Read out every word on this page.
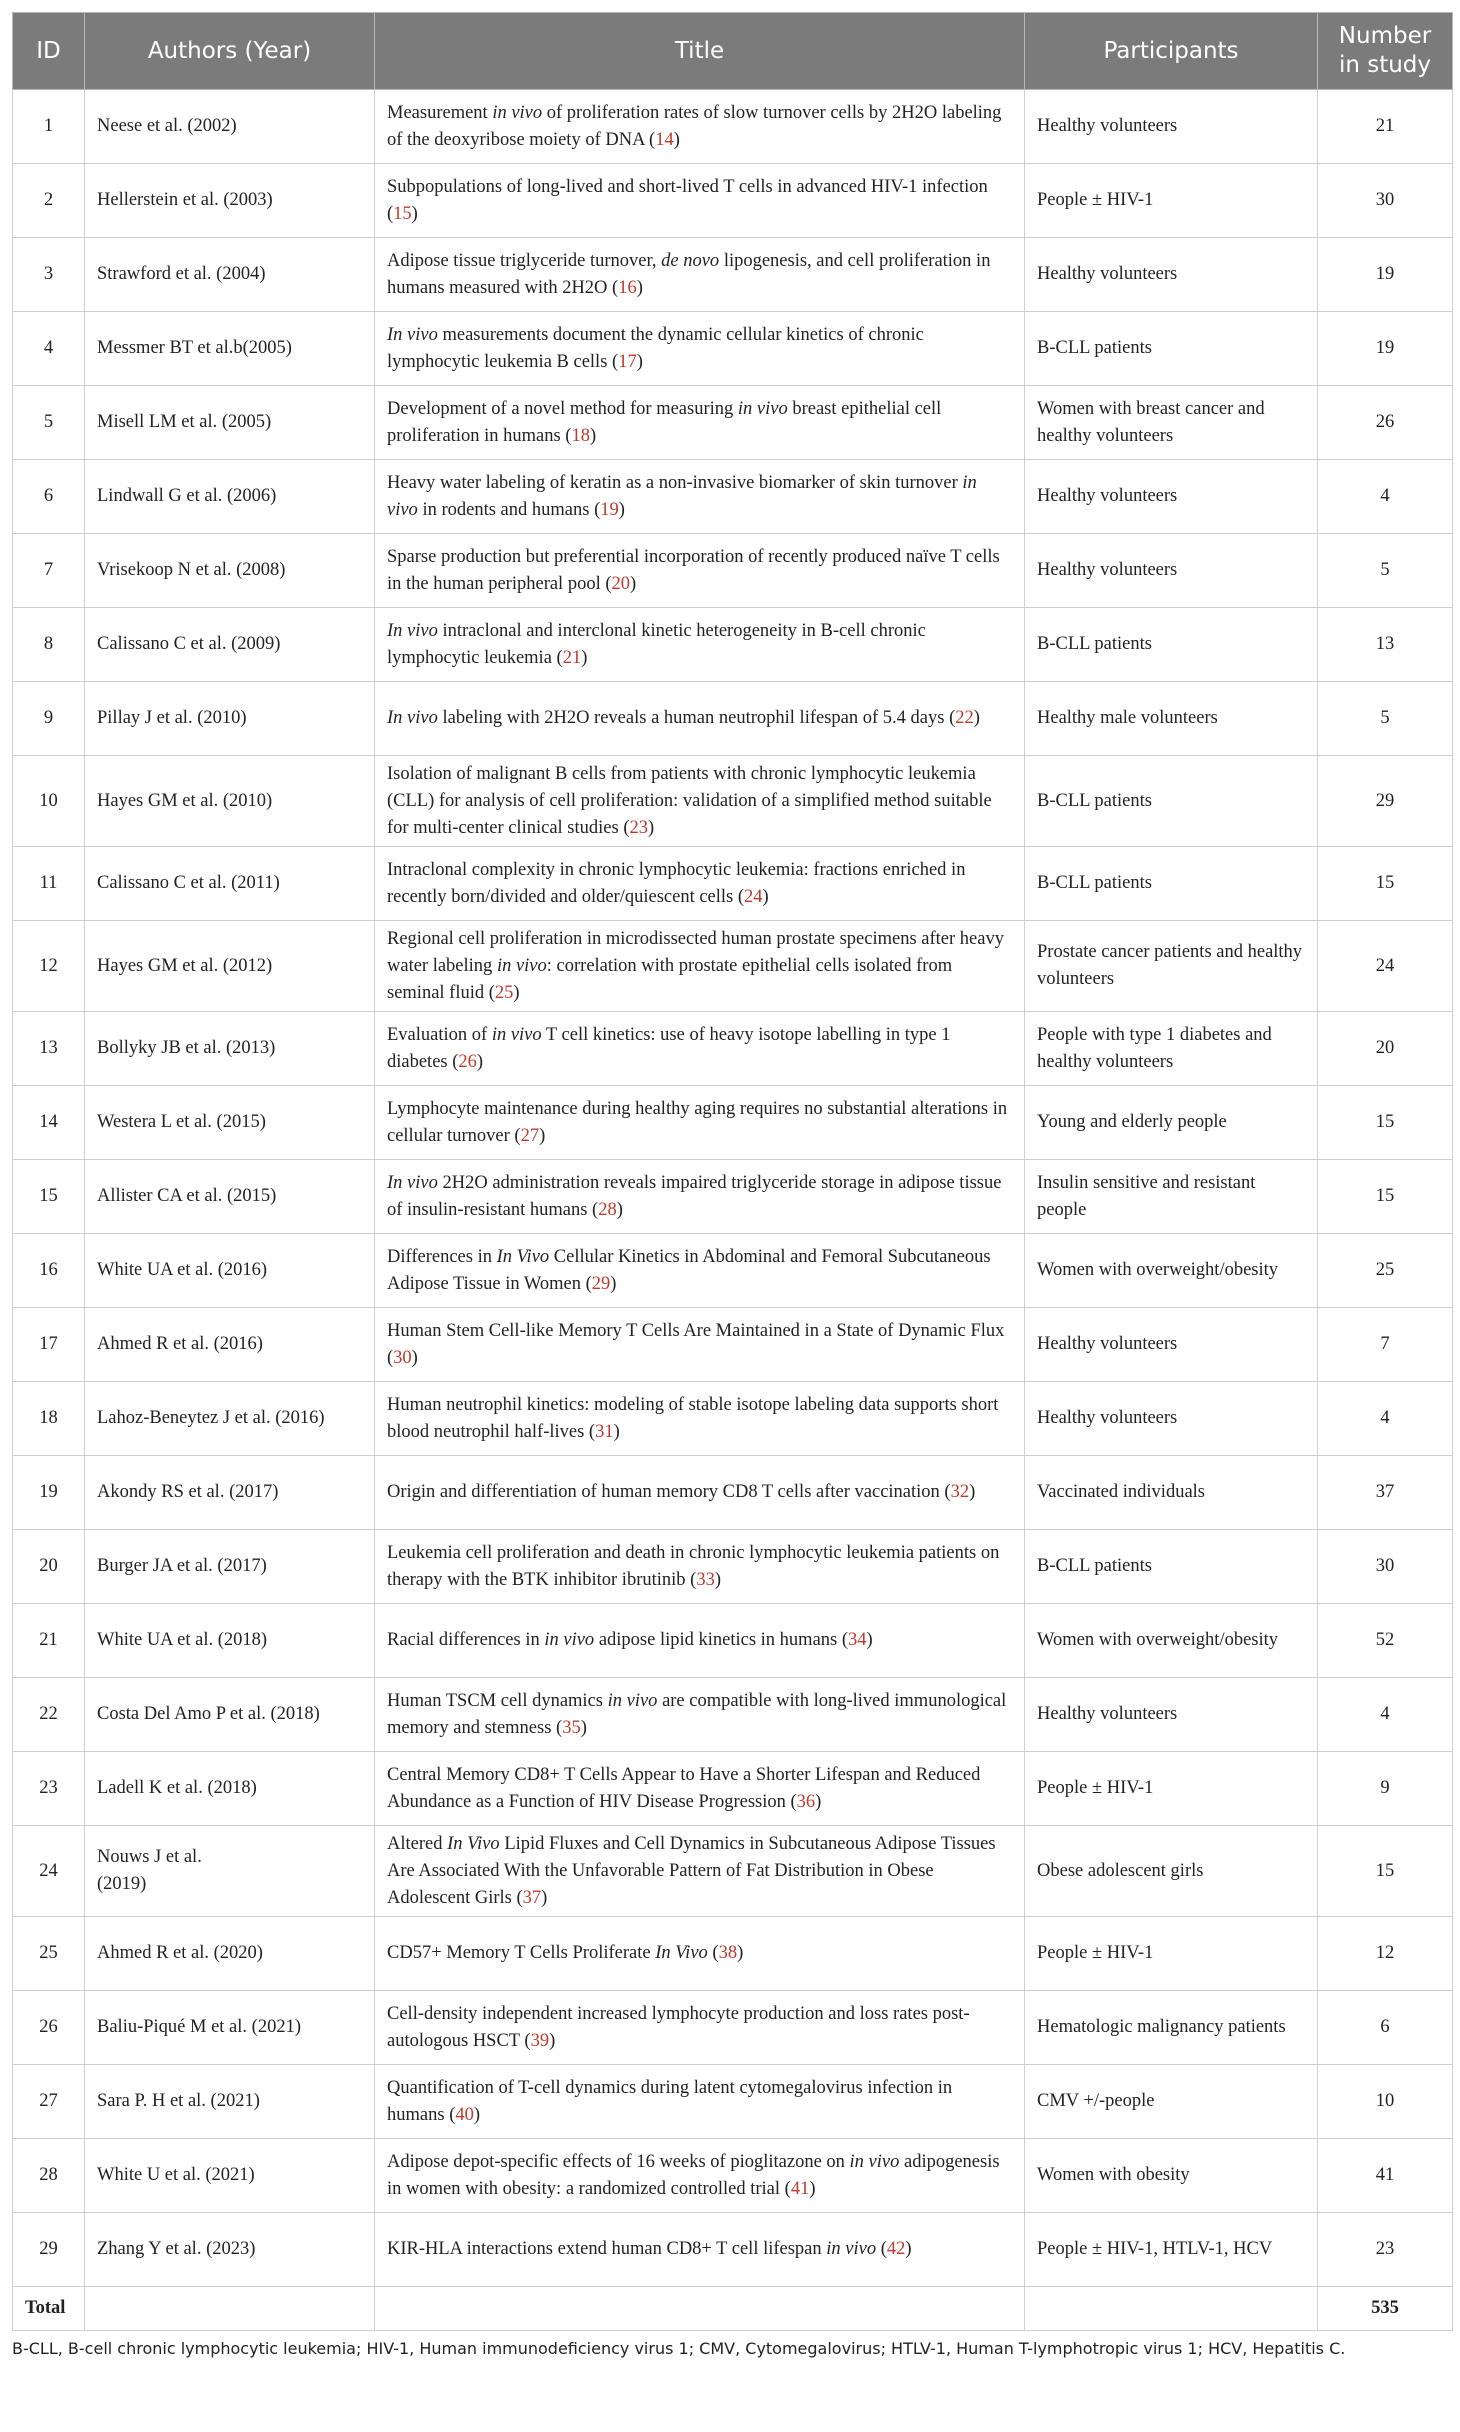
ID	Authors (Year)	Title	Participants	Number
in study
1	Neese et al. (2002)	Measurement in vivo of proliferation rates of slow turnover cells by 2H2O labeling of the deoxyribose moiety of DNA (14)	Healthy volunteers	21
2	Hellerstein et al. (2003)	Subpopulations of long-lived and short-lived T cells in advanced HIV-1 infection (15)	People ± HIV-1	30
3	Strawford et al. (2004)	Adipose tissue triglyceride turnover, de novo lipogenesis, and cell proliferation in humans measured with 2H2O (16)	Healthy volunteers	19
4	Messmer BT et al.b(2005)	In vivo measurements document the dynamic cellular kinetics of chronic lymphocytic leukemia B cells (17)	B-CLL patients	19
5	Misell LM et al. (2005)	Development of a novel method for measuring in vivo breast epithelial cell proliferation in humans (18)	Women with breast cancer and healthy volunteers	26
6	Lindwall G et al. (2006)	Heavy water labeling of keratin as a non-invasive biomarker of skin turnover in vivo in rodents and humans (19)	Healthy volunteers	4
7	Vrisekoop N et al. (2008)	Sparse production but preferential incorporation of recently produced naïve T cells in the human peripheral pool (20)	Healthy volunteers	5
8	Calissano C et al. (2009)	In vivo intraclonal and interclonal kinetic heterogeneity in B-cell chronic lymphocytic leukemia (21)	B-CLL patients	13
9	Pillay J et al. (2010)	In vivo labeling with 2H2O reveals a human neutrophil lifespan of 5.4 days (22)	Healthy male volunteers	5
10	Hayes GM et al. (2010)	Isolation of malignant B cells from patients with chronic lymphocytic leukemia (CLL) for analysis of cell proliferation: validation of a simplified method suitable for multi-center clinical studies (23)	B-CLL patients	29
11	Calissano C et al. (2011)	Intraclonal complexity in chronic lymphocytic leukemia: fractions enriched in recently born/divided and older/quiescent cells (24)	B-CLL patients	15
12	Hayes GM et al. (2012)	Regional cell proliferation in microdissected human prostate specimens after heavy water labeling in vivo: correlation with prostate epithelial cells isolated from seminal fluid (25)	Prostate cancer patients and healthy volunteers	24
13	Bollyky JB et al. (2013)	Evaluation of in vivo T cell kinetics: use of heavy isotope labelling in type 1 diabetes (26)	People with type 1 diabetes and healthy volunteers	20
14	Westera L et al. (2015)	Lymphocyte maintenance during healthy aging requires no substantial alterations in cellular turnover (27)	Young and elderly people	15
15	Allister CA et al. (2015)	In vivo 2H2O administration reveals impaired triglyceride storage in adipose tissue of insulin-resistant humans (28)	Insulin sensitive and resistant people	15
16	White UA et al. (2016)	Differences in In Vivo Cellular Kinetics in Abdominal and Femoral Subcutaneous Adipose Tissue in Women (29)	Women with overweight/obesity	25
17	Ahmed R et al. (2016)	Human Stem Cell-like Memory T Cells Are Maintained in a State of Dynamic Flux (30)	Healthy volunteers	7
18	Lahoz-Beneytez J et al. (2016)	Human neutrophil kinetics: modeling of stable isotope labeling data supports short blood neutrophil half-lives (31)	Healthy volunteers	4
19	Akondy RS et al. (2017)	Origin and differentiation of human memory CD8 T cells after vaccination (32)	Vaccinated individuals	37
20	Burger JA et al. (2017)	Leukemia cell proliferation and death in chronic lymphocytic leukemia patients on therapy with the BTK inhibitor ibrutinib (33)	B-CLL patients	30
21	White UA et al. (2018)	Racial differences in in vivo adipose lipid kinetics in humans (34)	Women with overweight/obesity	52
22	Costa Del Amo P et al. (2018)	Human TSCM cell dynamics in vivo are compatible with long-lived immunological memory and stemness (35)	Healthy volunteers	4
23	Ladell K et al. (2018)	Central Memory CD8+ T Cells Appear to Have a Shorter Lifespan and Reduced Abundance as a Function of HIV Disease Progression (36)	People ± HIV-1	9
24	Nouws J et al.
(2019)	Altered In Vivo Lipid Fluxes and Cell Dynamics in Subcutaneous Adipose Tissues Are Associated With the Unfavorable Pattern of Fat Distribution in Obese Adolescent Girls (37)	Obese adolescent girls	15
25	Ahmed R et al. (2020)	CD57+ Memory T Cells Proliferate In Vivo (38)	People ± HIV-1	12
26	Baliu-Piqué M et al. (2021)	Cell-density independent increased lymphocyte production and loss rates post-autologous HSCT (39)	Hematologic malignancy patients	6
27	Sara P. H et al. (2021)	Quantification of T-cell dynamics during latent cytomegalovirus infection in humans (40)	CMV +/-people	10
28	White U et al. (2021)	Adipose depot-specific effects of 16 weeks of pioglitazone on in vivo adipogenesis in women with obesity: a randomized controlled trial (41)	Women with obesity	41
29	Zhang Y et al. (2023)	KIR-HLA interactions extend human CD8+ T cell lifespan in vivo (42)	People ± HIV-1, HTLV-1, HCV	23
Total				535
B-CLL, B-cell chronic lymphocytic leukemia; HIV-1, Human immunodeficiency virus 1; CMV, Cytomegalovirus; HTLV-1, Human T-lymphotropic virus 1; HCV, Hepatitis C.
